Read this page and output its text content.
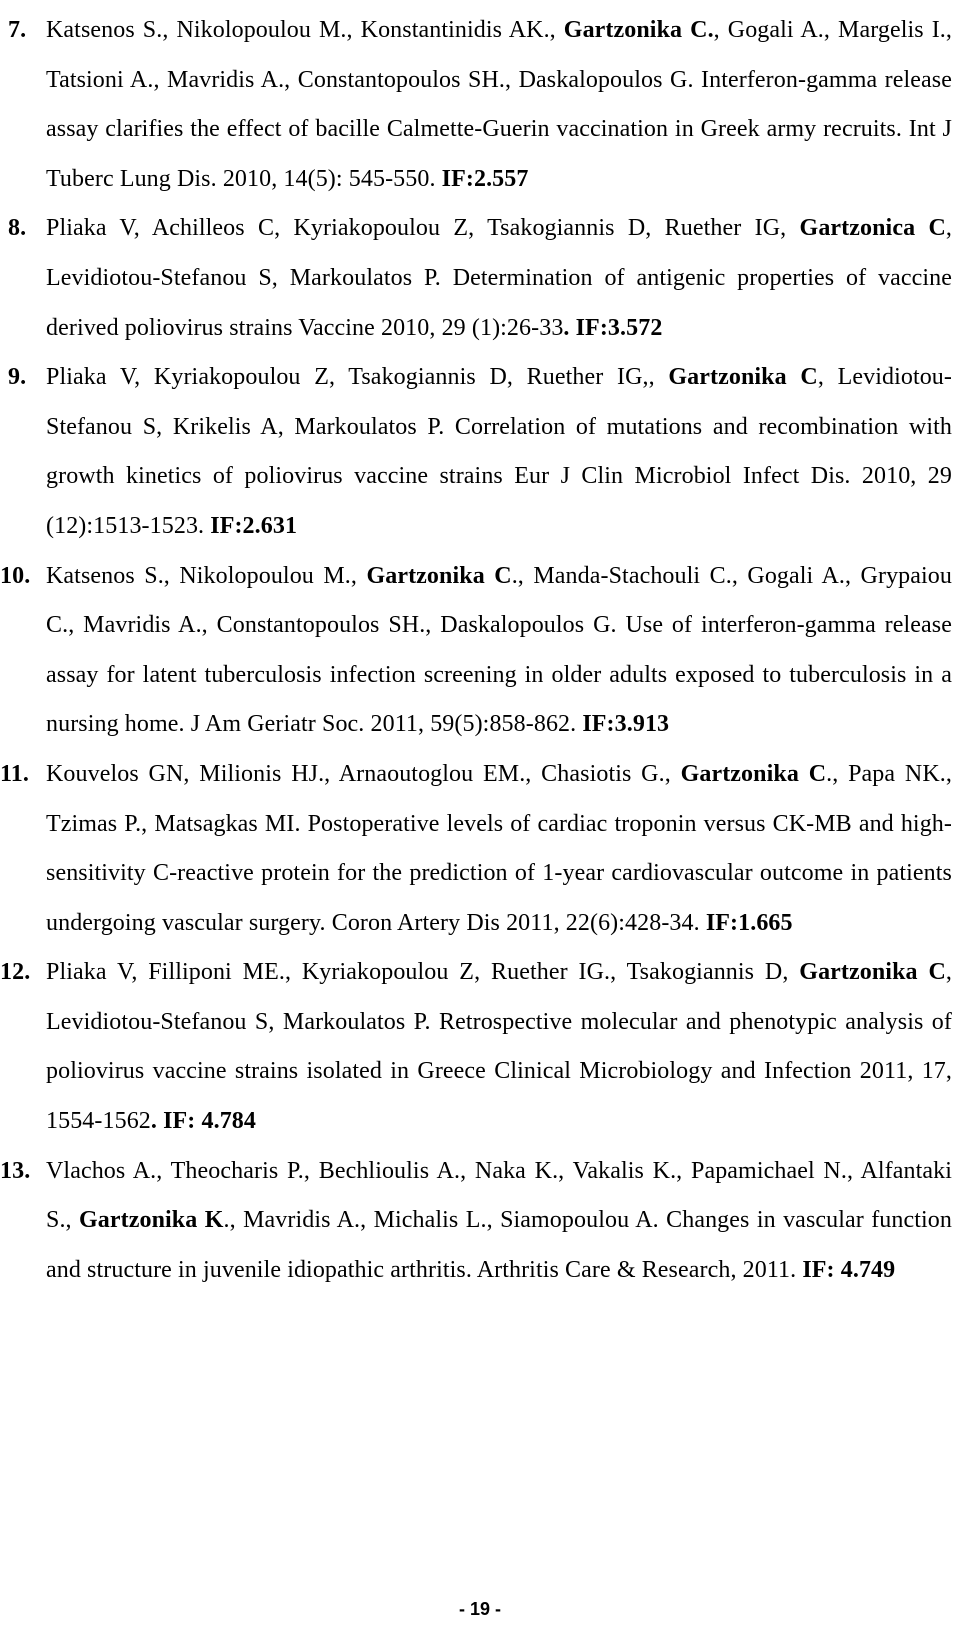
7. Katsenos S., Nikolopoulou M., Konstantinidis AK., Gartzonika C., Gogali A., Margelis I., Tatsioni A., Mavridis A., Constantopoulos SH., Daskalopoulos G. Interferon-gamma release assay clarifies the effect of bacille Calmette-Guerin vaccination in Greek army recruits. Int J Tuberc Lung Dis. 2010, 14(5): 545-550. IF:2.557
8. Pliaka V, Achilleos C, Kyriakopoulou Z, Tsakogiannis D, Ruether IG, Gartzonica C, Levidiotou-Stefanou S, Markoulatos P. Determination of antigenic properties of vaccine derived poliovirus strains Vaccine 2010, 29 (1):26-33. IF:3.572
9. Pliaka V, Kyriakopoulou Z, Tsakogiannis D, Ruether IG,, Gartzonika C, Levidiotou-Stefanou S, Krikelis A, Markoulatos P. Correlation of mutations and recombination with growth kinetics of poliovirus vaccine strains Eur J Clin Microbiol Infect Dis. 2010, 29 (12):1513-1523. IF:2.631
10. Katsenos S., Nikolopoulou M., Gartzonika C., Manda-Stachouli C., Gogali A., Grypaiou C., Mavridis A., Constantopoulos SH., Daskalopoulos G. Use of interferon-gamma release assay for latent tuberculosis infection screening in older adults exposed to tuberculosis in a nursing home. J Am Geriatr Soc. 2011, 59(5):858-862. IF:3.913
11. Kouvelos GN, Milionis HJ., Arnaoutoglou EM., Chasiotis G., Gartzonika C., Papa NK., Tzimas P., Matsagkas MI. Postoperative levels of cardiac troponin versus CK-MB and high-sensitivity C-reactive protein for the prediction of 1-year cardiovascular outcome in patients undergoing vascular surgery. Coron Artery Dis 2011, 22(6):428-34. IF:1.665
12. Pliaka V, Filliponi ME., Kyriakopoulou Z, Ruether IG., Tsakogiannis D, Gartzonika C, Levidiotou-Stefanou S, Markoulatos P. Retrospective molecular and phenotypic analysis of poliovirus vaccine strains isolated in Greece Clinical Microbiology and Infection 2011, 17, 1554-1562. IF: 4.784
13. Vlachos A., Theocharis P., Bechlioulis A., Naka K., Vakalis K., Papamichael N., Alfantaki S., Gartzonika K., Mavridis A., Michalis L., Siamopoulou A. Changes in vascular function and structure in juvenile idiopathic arthritis. Arthritis Care & Research, 2011. IF: 4.749
- 19 -
